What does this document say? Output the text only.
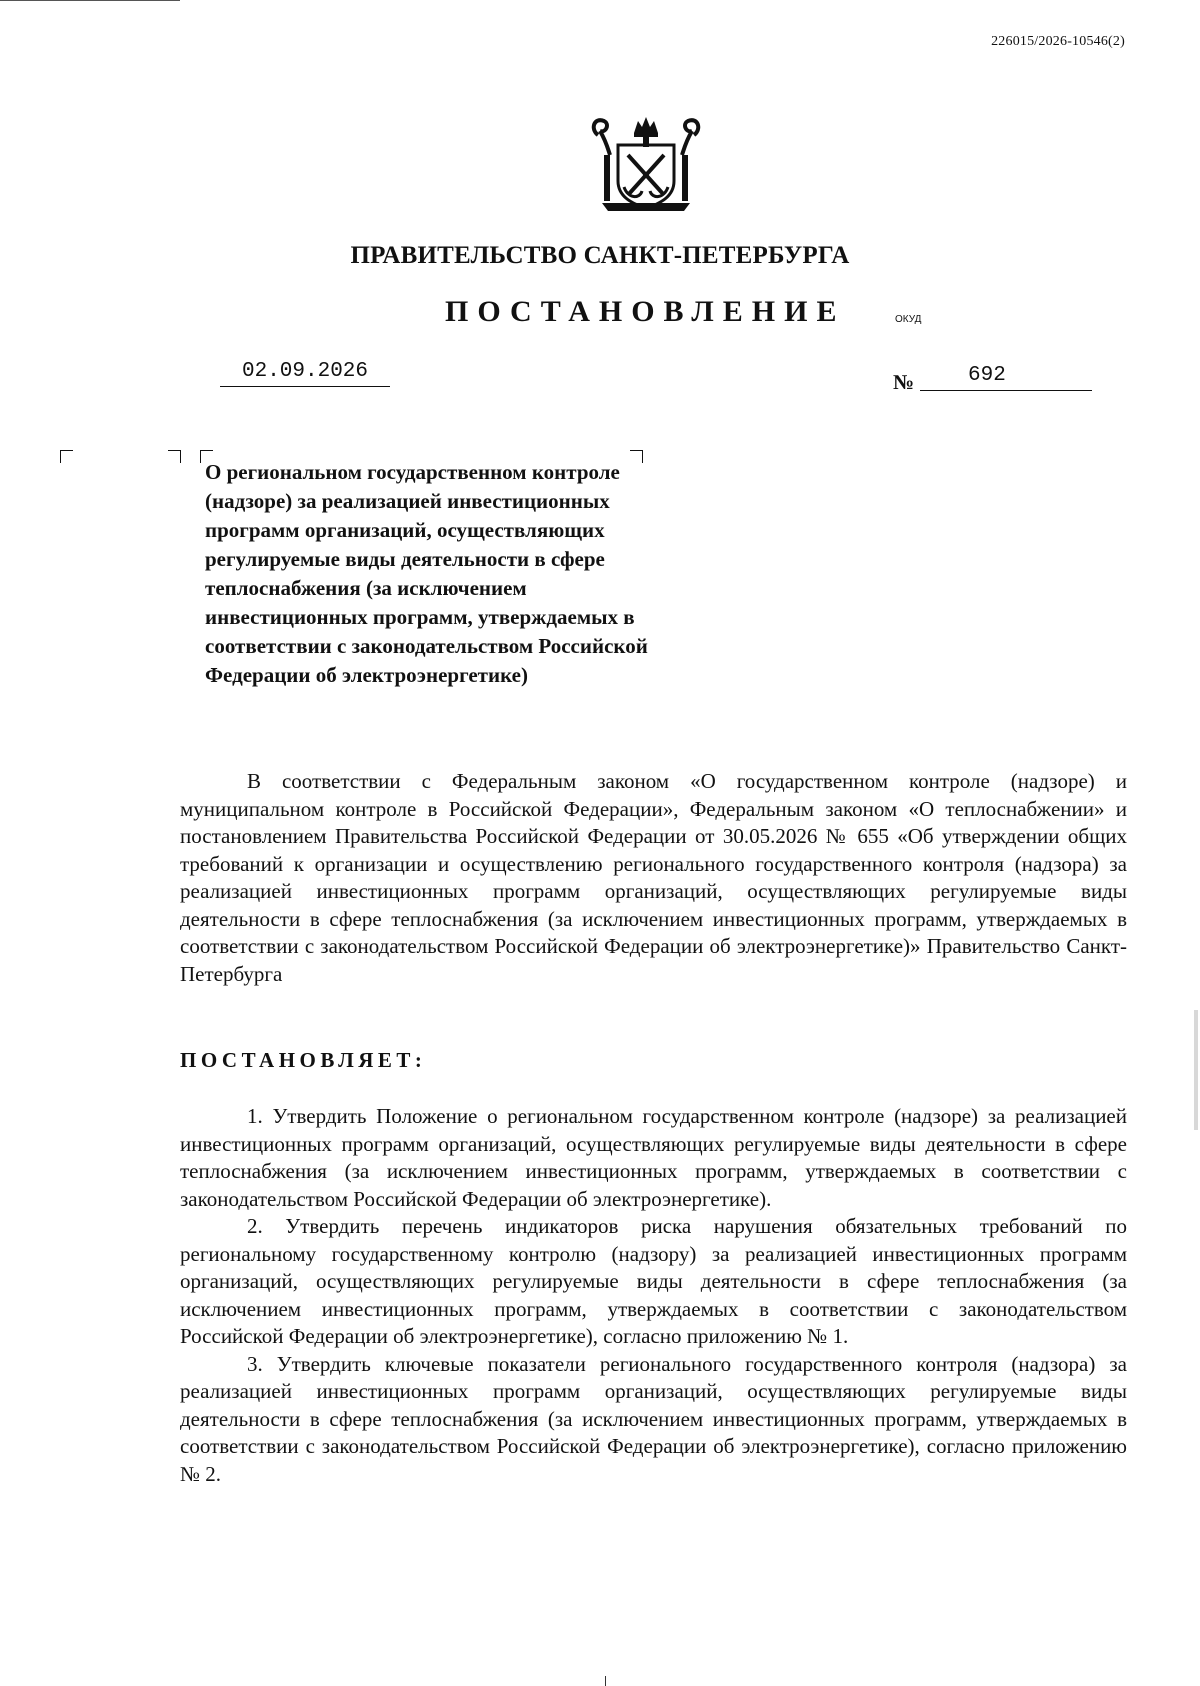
226015/2026-10546(2)
ПРАВИТЕЛЬСТВО САНКТ-ПЕТЕРБУРГА
ПОСТАНОВЛЕНИЕ	ОКУД
02.09.2026	№	692
О региональном государственном контроле (надзоре) за реализацией инвестиционных программ организаций, осуществляющих регулируемые виды деятельности в сфере теплоснабжения (за исключением инвестиционных программ, утверждаемых в соответствии с законодательством Российской Федерации об электроэнергетике)

В соответствии с Федеральным законом «О государственном контроле (надзоре) и муниципальном контроле в Российской Федерации», Федеральным законом «О теплоснабжении» и постановлением Правительства Российской Федерации от 30.05.2026 № 655 «Об утверждении общих требований к организации и осуществлению регионального государственного контроля (надзора) за реализацией инвестиционных программ организаций, осуществляющих регулируемые виды деятельности в сфере теплоснабжения (за исключением инвестиционных программ, утверждаемых в соответствии с законодательством Российской Федерации об электроэнергетике)» Правительство Санкт-Петербурга

ПОСТАНОВЛЯЕТ:

1. Утвердить Положение о региональном государственном контроле (надзоре) за реализацией инвестиционных программ организаций, осуществляющих регулируемые виды деятельности в сфере теплоснабжения (за исключением инвестиционных программ, утверждаемых в соответствии с законодательством Российской Федерации об электроэнергетике).

2. Утвердить перечень индикаторов риска нарушения обязательных требований по региональному государственному контролю (надзору) за реализацией инвестиционных программ организаций, осуществляющих регулируемые виды деятельности в сфере теплоснабжения (за исключением инвестиционных программ, утверждаемых в соответствии с законодательством Российской Федерации об электроэнергетике), согласно приложению № 1.

3. Утвердить ключевые показатели регионального государственного контроля (надзора) за реализацией инвестиционных программ организаций, осуществляющих регулируемые виды деятельности в сфере теплоснабжения (за исключением инвестиционных программ, утверждаемых в соответствии с законодательством Российской Федерации об электроэнергетике), согласно приложению № 2.
